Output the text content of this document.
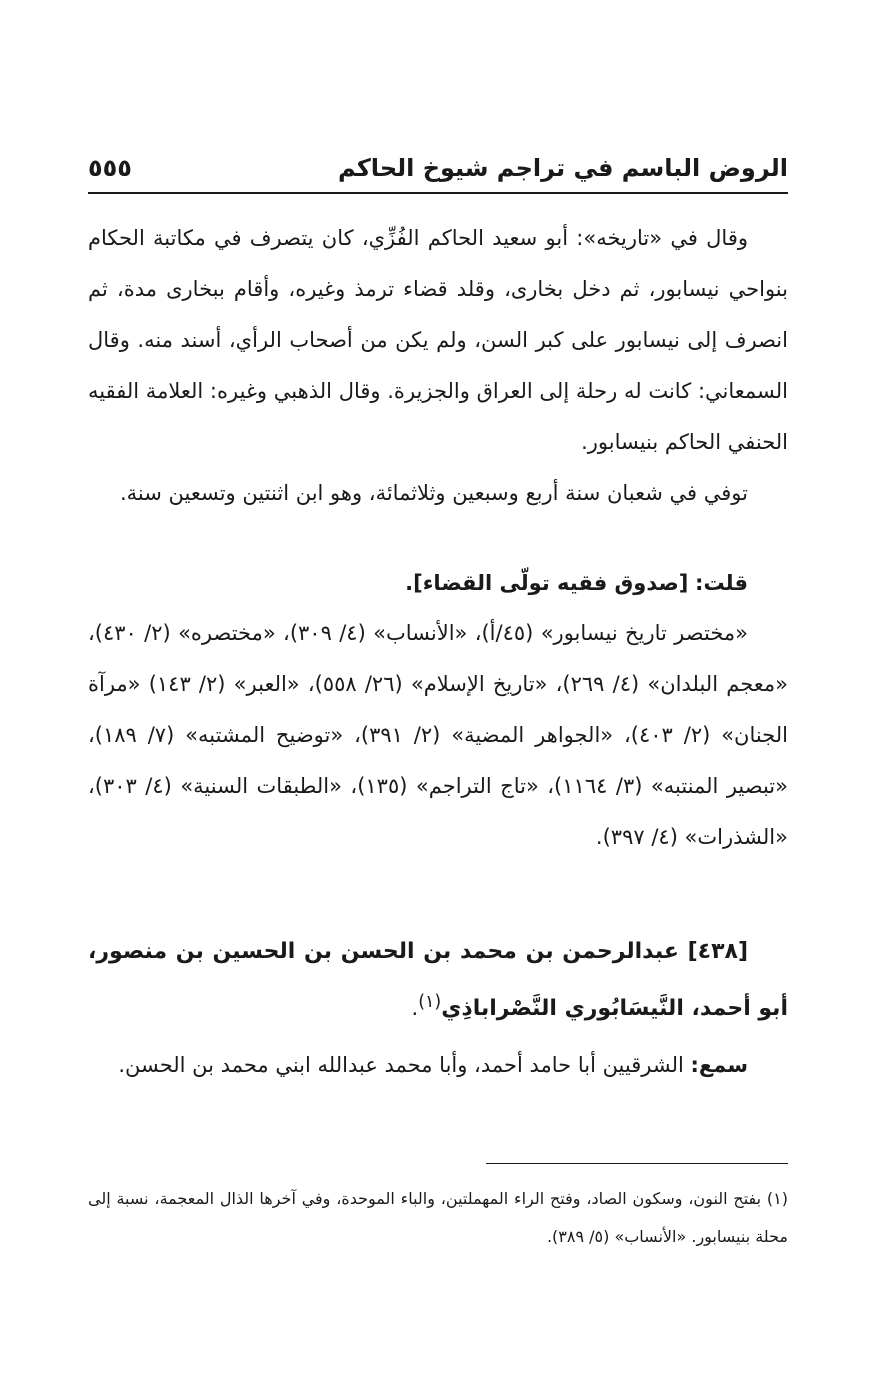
الروض الباسم في تراجم شيوخ الحاكم
٥٥٥

وقال في «تاريخه»: أبو سعيد الحاكم الفُزِّي، كان يتصرف في مكاتبة الحكام بنواحي نيسابور، ثم دخل بخارى، وقلد قضاء ترمذ وغيره، وأقام ببخارى مدة، ثم انصرف إلى نيسابور على كبر السن، ولم يكن من أصحاب الرأي، أسند منه. وقال السمعاني: كانت له رحلة إلى العراق والجزيرة. وقال الذهبي وغيره: العلامة الفقيه الحنفي الحاكم بنيسابور.

توفي في شعبان سنة أربع وسبعين وثلاثمائة، وهو ابن اثنتين وتسعين سنة.

قلت: [صدوق فقيه تولّى القضاء].

«مختصر تاريخ نيسابور» (٤٥/أ)، «الأنساب» (٤/ ٣٠٩)، «مختصره» (٢/ ٤٣٠)، «معجم البلدان» (٤/ ٢٦٩)، «تاريخ الإسلام» (٢٦/ ٥٥٨)، «العبر» (٢/ ١٤٣) «مرآة الجنان» (٢/ ٤٠٣)، «الجواهر المضية» (٢/ ٣٩١)، «توضيح المشتبه» (٧/ ١٨٩)، «تبصير المنتبه» (٣/ ١١٦٤)، «تاج التراجم» (١٣٥)، «الطبقات السنية» (٤/ ٣٠٣)، «الشذرات» (٤/ ٣٩٧).

[٤٣٨] عبدالرحمن بن محمد بن الحسن بن الحسين بن منصور، أبو أحمد، النَّيسَابُوري النَّصْراباذِي$^{(١)}$.

سمع: الشرقيين أبا حامد أحمد، وأبا محمد عبدالله ابني محمد بن الحسن.

(١) بفتح النون، وسكون الصاد، وفتح الراء المهملتين، والباء الموحدة، وفي آخرها الذال المعجمة، نسبة إلى محلة بنيسابور. «الأنساب» (٥/ ٣٨٩).
